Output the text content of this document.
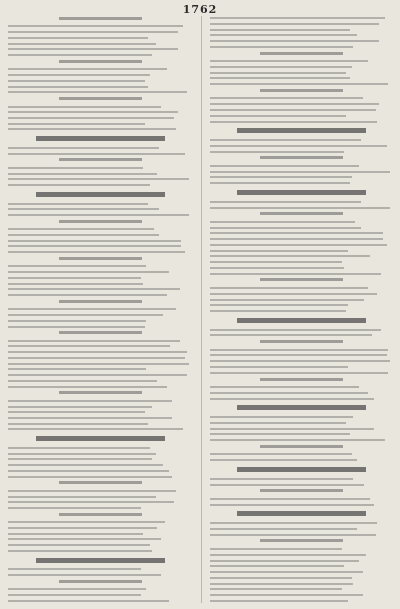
1762
